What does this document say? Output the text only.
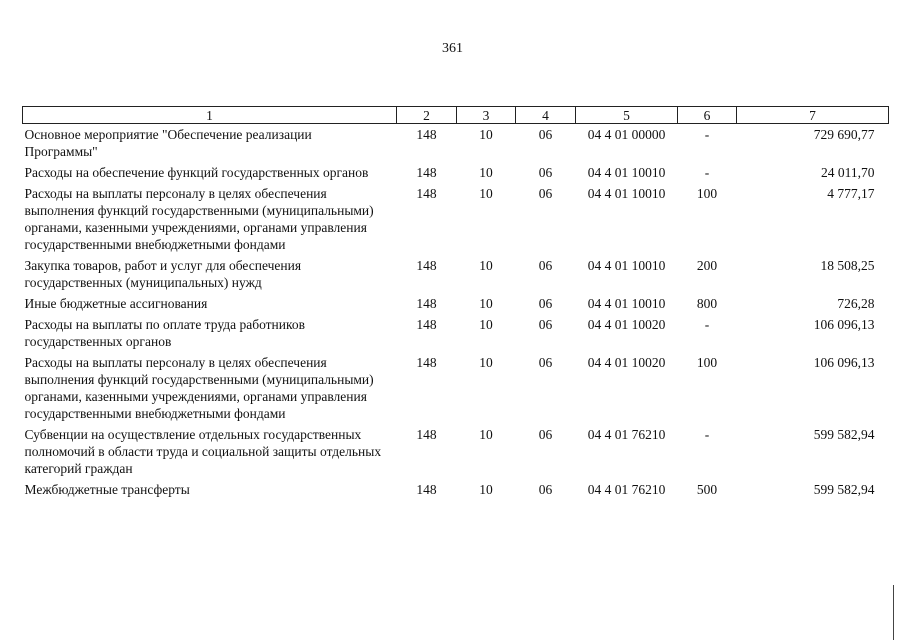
361
1	2	3	4	5	6	7
Основное мероприятие "Обеспечение реализации Программы"	148	10	06	04 4 01 00000	-	729 690,77
Расходы на обеспечение функций государственных органов	148	10	06	04 4 01 10010	-	24 011,70
Расходы на выплаты персоналу в целях обеспечения выполнения функций государственными (муниципальными) органами, казенными учреждениями, органами управления государственными внебюджетными фондами	148	10	06	04 4 01 10010	100	4 777,17
Закупка товаров, работ и услуг для обеспечения государственных (муниципальных) нужд	148	10	06	04 4 01 10010	200	18 508,25
Иные бюджетные ассигнования	148	10	06	04 4 01 10010	800	726,28
Расходы на выплаты по оплате труда работников государственных органов	148	10	06	04 4 01 10020	-	106 096,13
Расходы на выплаты персоналу в целях обеспечения выполнения функций государственными (муниципальными) органами, казенными учреждениями, органами управления государственными внебюджетными фондами	148	10	06	04 4 01 10020	100	106 096,13
Субвенции на осуществление отдельных государственных полномочий в области труда и социальной защиты отдельных категорий граждан	148	10	06	04 4 01 76210	-	599 582,94
Межбюджетные трансферты	148	10	06	04 4 01 76210	500	599 582,94
